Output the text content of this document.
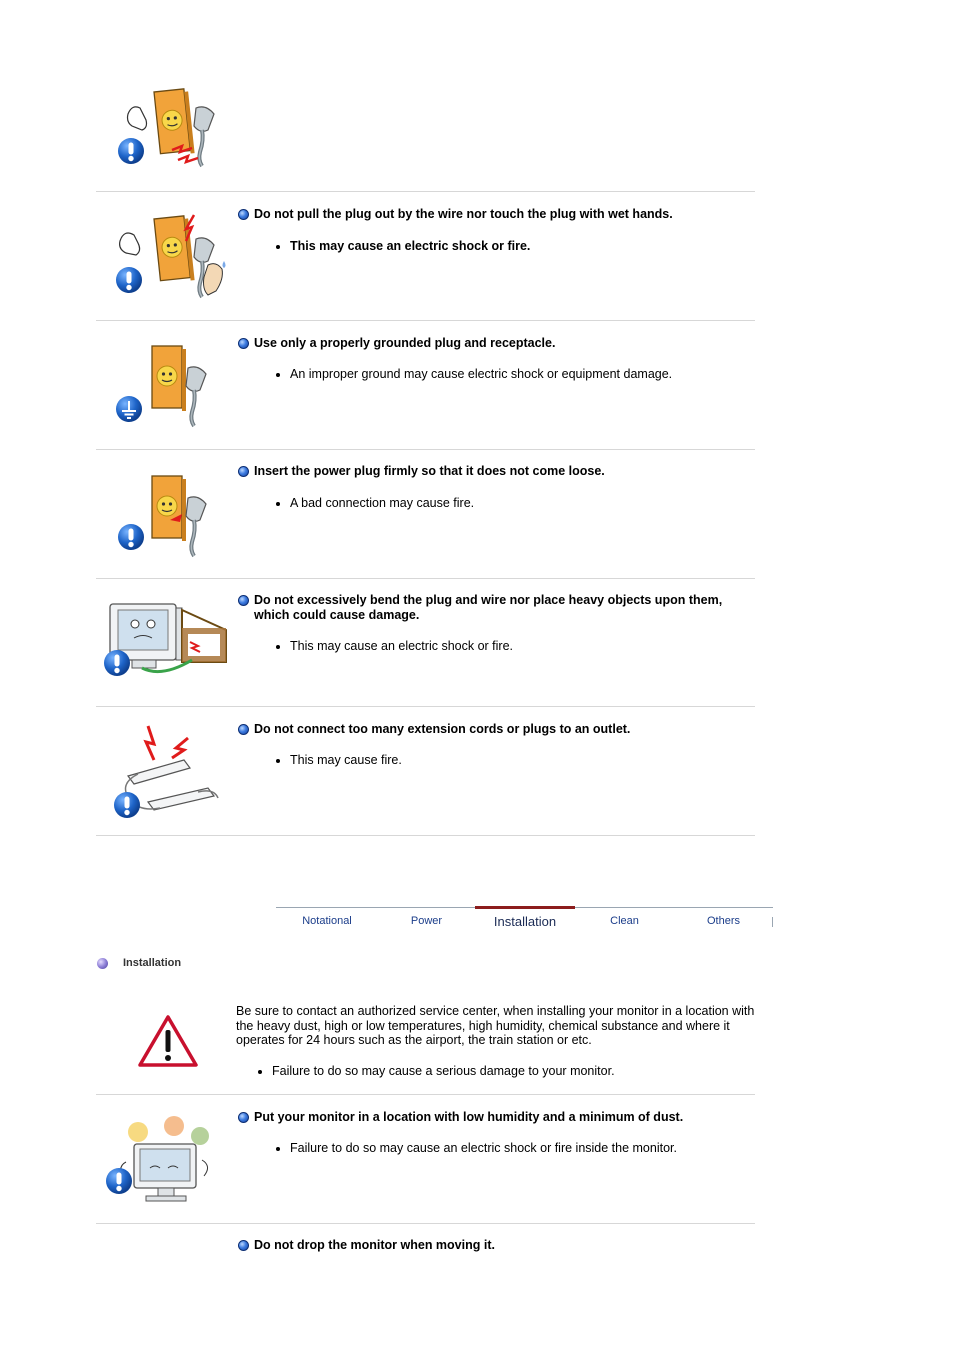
Do not pull the plug out by the wire nor touch the plug with wet hands.
This may cause an electric shock or fire.
Use only a properly grounded plug and receptacle.
An improper ground may cause electric shock or equipment damage.
Insert the power plug firmly so that it does not come loose.
A bad connection may cause fire.
Do not excessively bend the plug and wire nor place heavy objects upon them, which could cause damage.
This may cause an electric shock or fire.
Do not connect too many extension cords or plugs to an outlet.
This may cause fire.
Notational	Power	Installation	Clean	Others
Installation
Be sure to contact an authorized service center, when installing your monitor in a location with the heavy dust, high or low temperatures, high humidity, chemical substance and where it operates for 24 hours such as the airport, the train station or etc.
Failure to do so may cause a serious damage to your monitor.
Put your monitor in a location with low humidity and a minimum of dust.
Failure to do so may cause an electric shock or fire inside the monitor.
Do not drop the monitor when moving it.
